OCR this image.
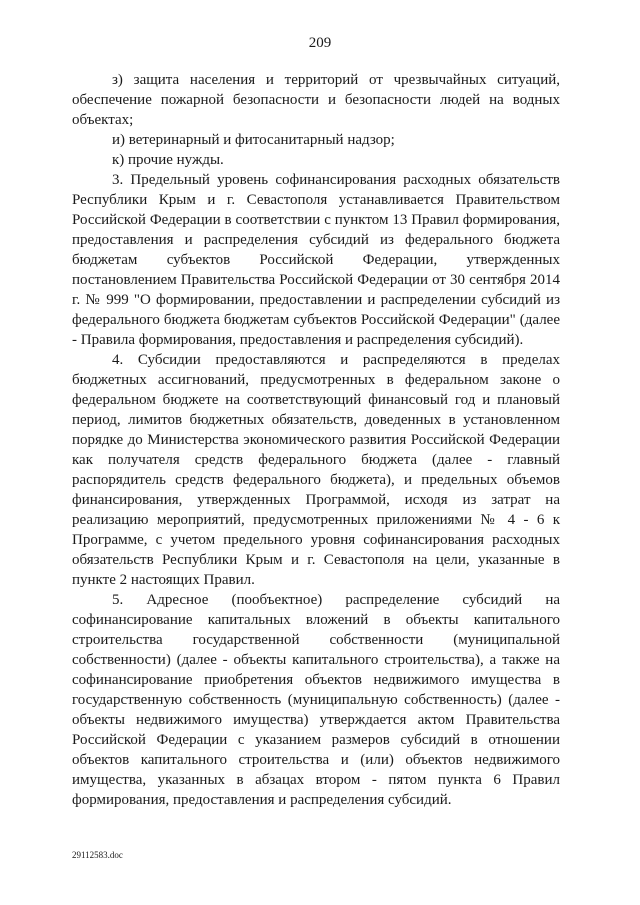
209

з) защита населения и территорий от чрезвычайных ситуаций, обеспечение пожарной безопасности и безопасности людей на водных объектах;

и) ветеринарный и фитосанитарный надзор;

к) прочие нужды.

3. Предельный уровень софинансирования расходных обязательств Республики Крым и г. Севастополя устанавливается Правительством Российской Федерации в соответствии с пунктом 13 Правил формирования, предоставления и распределения субсидий из федерального бюджета бюджетам субъектов Российской Федерации, утвержденных постановлением Правительства Российской Федерации от 30 сентября 2014 г. № 999 "О формировании, предоставлении и распределении субсидий из федерального бюджета бюджетам субъектов Российской Федерации" (далее - Правила формирования, предоставления и распределения субсидий).

4. Субсидии предоставляются и распределяются в пределах бюджетных ассигнований, предусмотренных в федеральном законе о федеральном бюджете на соответствующий финансовый год и плановый период, лимитов бюджетных обязательств, доведенных в установленном порядке до Министерства экономического развития Российской Федерации как получателя средств федерального бюджета (далее - главный распорядитель средств федерального бюджета), и предельных объемов финансирования, утвержденных Программой, исходя из затрат на реализацию мероприятий, предусмотренных приложениями № 4 - 6 к Программе, с учетом предельного уровня софинансирования расходных обязательств Республики Крым и г. Севастополя на цели, указанные в пункте 2 настоящих Правил.

5. Адресное (пообъектное) распределение субсидий на софинансирование капитальных вложений в объекты капитального строительства государственной собственности (муниципальной собственности) (далее - объекты капитального строительства), а также на софинансирование приобретения объектов недвижимого имущества в государственную собственность (муниципальную собственность) (далее - объекты недвижимого имущества) утверждается актом Правительства Российской Федерации с указанием размеров субсидий в отношении объектов капитального строительства и (или) объектов недвижимого имущества, указанных в абзацах втором - пятом пункта 6 Правил формирования, предоставления и распределения субсидий.

29112583.doc
